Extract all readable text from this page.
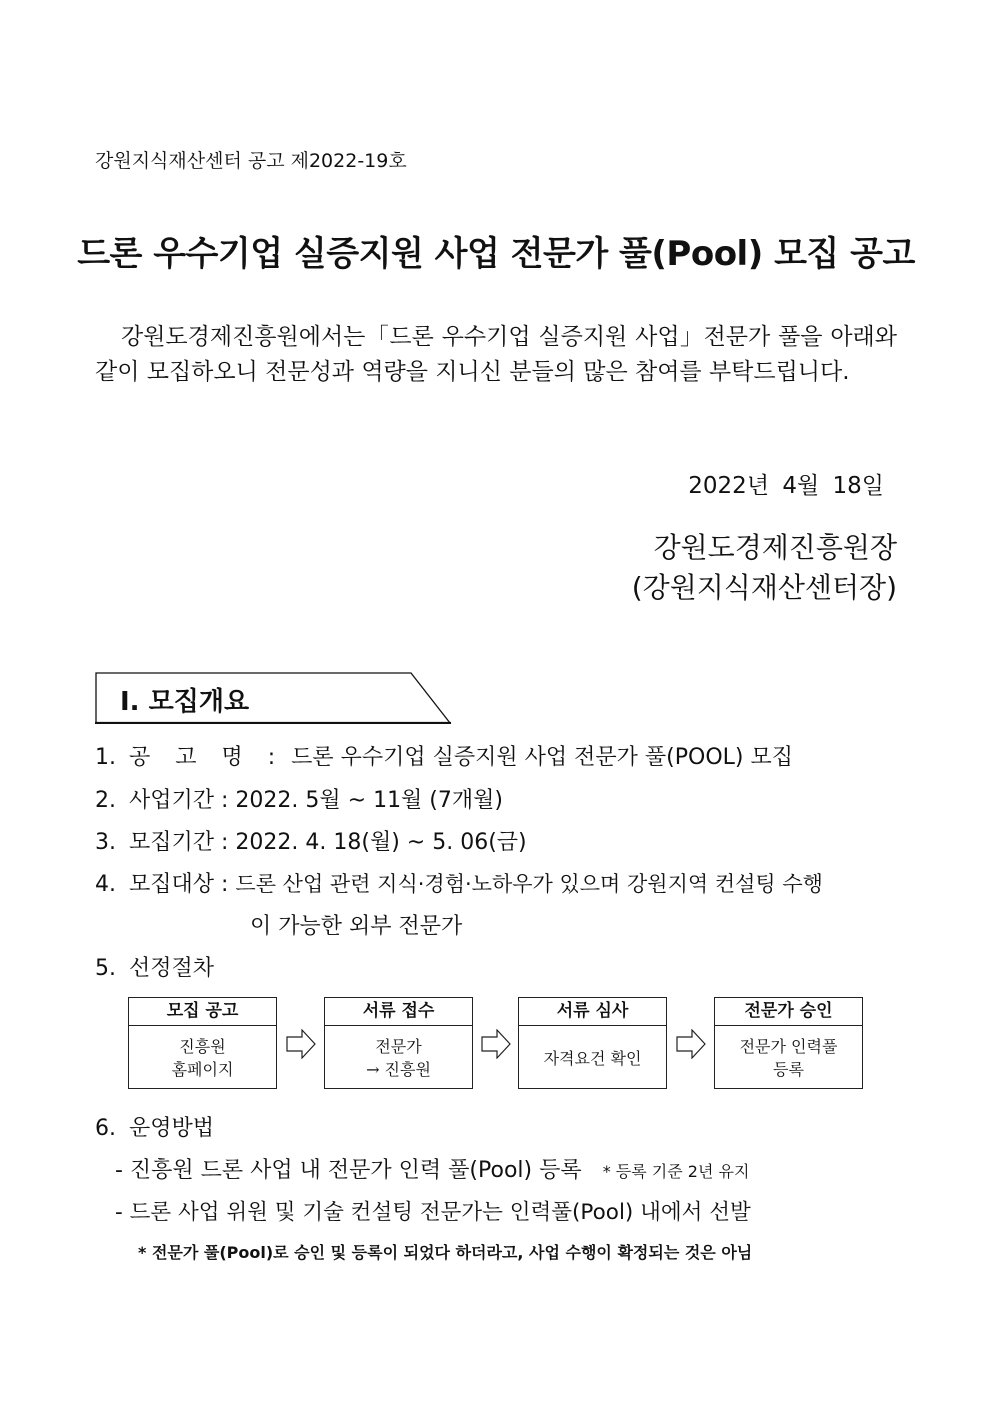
강원지식재산센터 공고 제2022-19호
드론 우수기업 실증지원 사업 전문가 풀(Pool) 모집 공고
강원도경제진흥원에서는「드론 우수기업 실증지원 사업」전문가 풀을 아래와 같이 모집하오니 전문성과 역량을 지니신 분들의 많은 참여를 부탁드립니다.
2022년 4월 18일
강원도경제진흥원장
(강원지식재산센터장)
Ⅰ. 모집개요
1. 공 고 명 : 드론 우수기업 실증지원 사업 전문가 풀(POOL) 모집
2. 사업기간 : 2022. 5월 ~ 11월 (7개월)
3. 모집기간 : 2022. 4. 18(월) ~ 5. 06(금)
4. 모집대상 : 드론 산업 관련 지식·경험·노하우가 있으며 강원지역 컨설팅 수행
이 가능한 외부 전문가
5. 선정절차
모집 공고
진흥원
홈페이지
서류 접수
전문가
→ 진흥원
서류 심사
자격요건 확인
전문가 승인
전문가 인력풀
등록
6. 운영방법
- 진흥원 드론 사업 내 전문가 인력 풀(Pool) 등록 * 등록 기준 2년 유지
- 드론 사업 위원 및 기술 컨설팅 전문가는 인력풀(Pool) 내에서 선발
* 전문가 풀(Pool)로 승인 및 등록이 되었다 하더라고, 사업 수행이 확정되는 것은 아님
